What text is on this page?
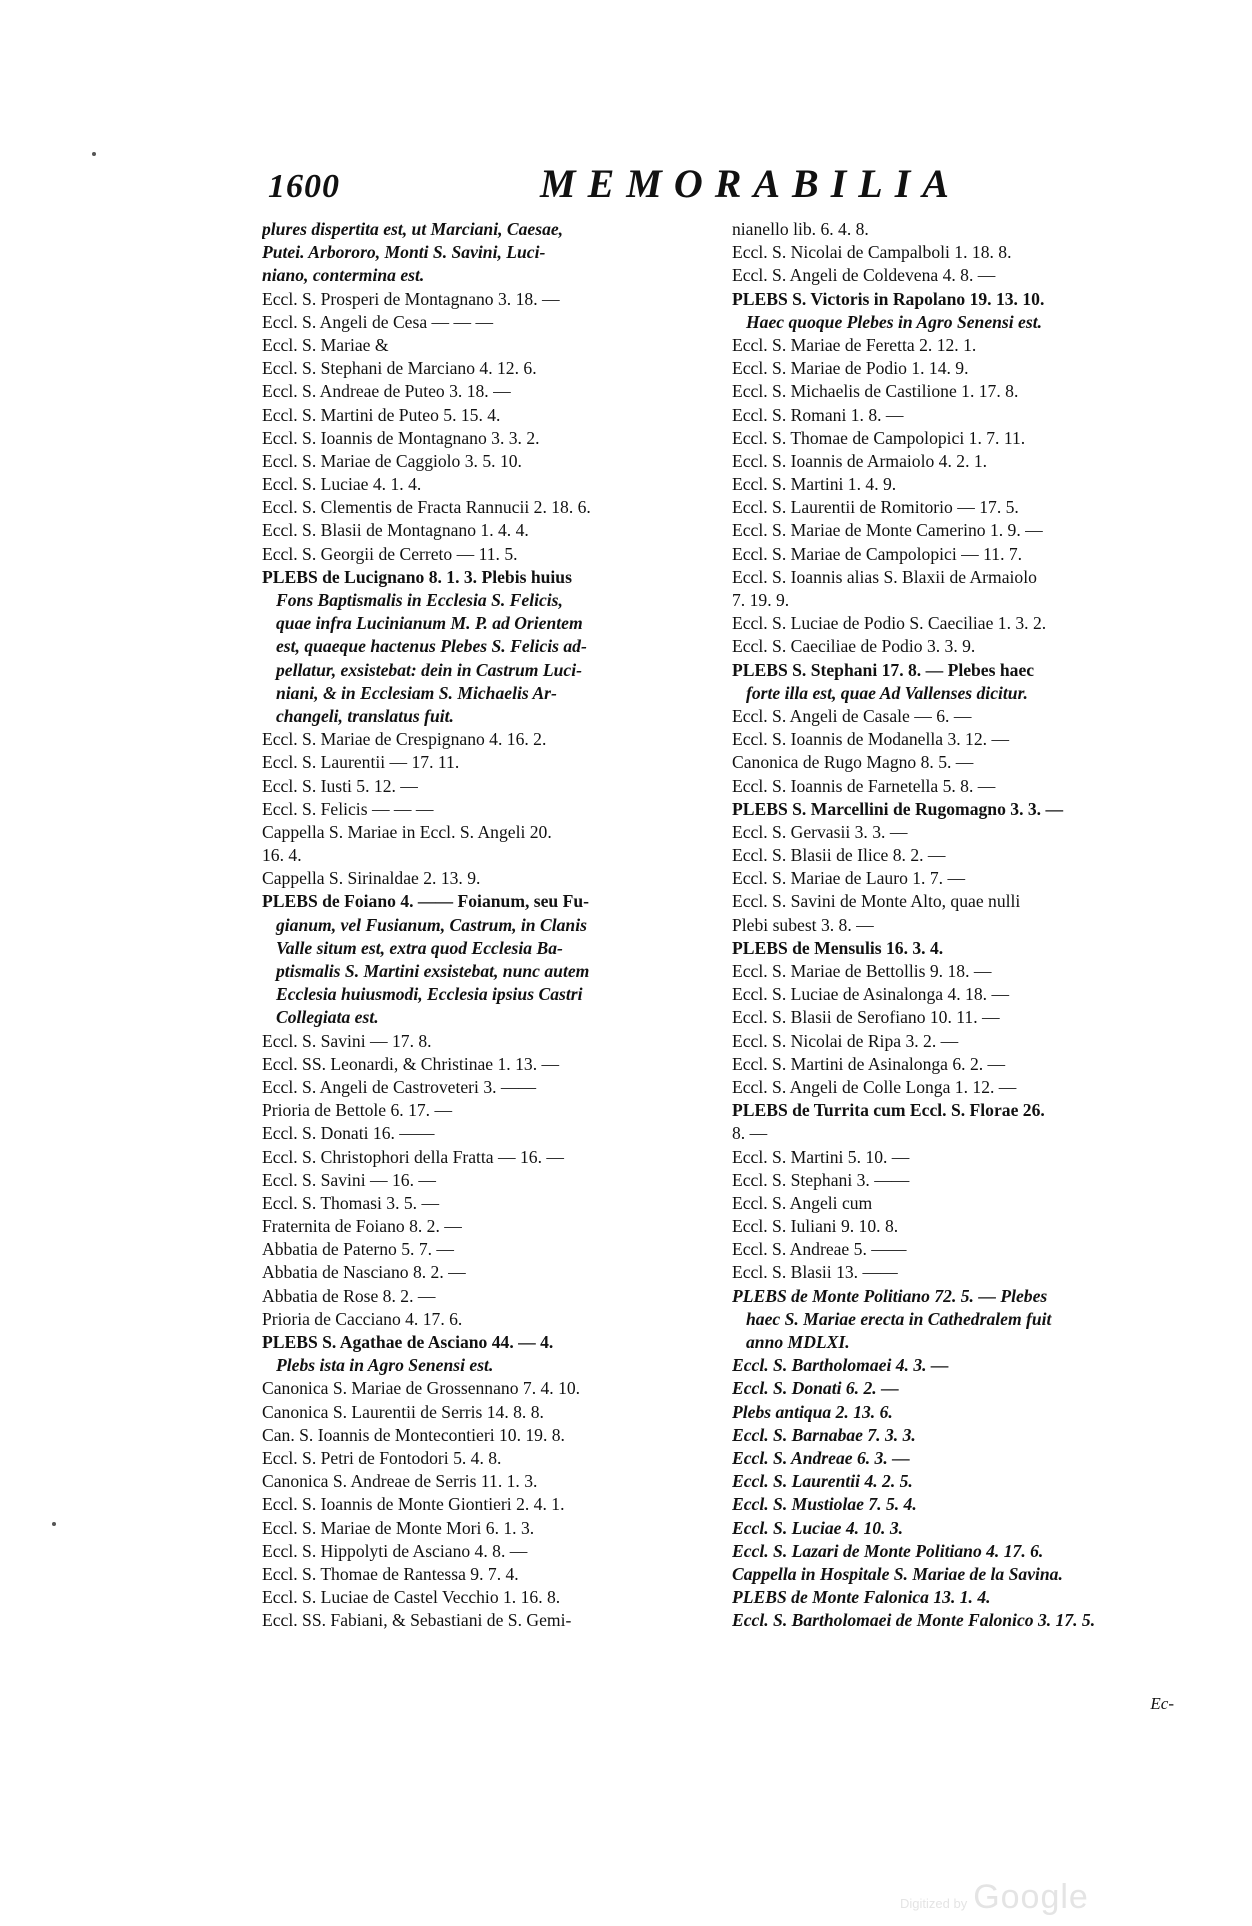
1600	MEMORABILIA
plures dispertita est, ut Marciani, Caesae,
Putei. Arbororo, Monti S. Savini, Luci-
niano, contermina est.
Eccl. S. Prosperi de Montagnano 3. 18. —
Eccl. S. Angeli de Cesa — — —
Eccl. S. Mariae &
Eccl. S. Stephani de Marciano 4. 12. 6.
Eccl. S. Andreae de Puteo 3. 18. —
Eccl. S. Martini de Puteo 5. 15. 4.
Eccl. S. Ioannis de Montagnano 3. 3. 2.
Eccl. S. Mariae de Caggiolo 3. 5. 10.
Eccl. S. Luciae 4. 1. 4.
Eccl. S. Clementis de Fracta Rannucii 2. 18. 6.
Eccl. S. Blasii de Montagnano 1. 4. 4.
Eccl. S. Georgii de Cerreto — 11. 5.
PLEBS de Lucignano 8. 1. 3. Plebis huius
Fons Baptismalis in Ecclesia S. Felicis,
quae infra Lucinianum M. P. ad Orientem
est, quaeque hactenus Plebes S. Felicis ad-
pellatur, exsistebat: dein in Castrum Luci-
niani, & in Ecclesiam S. Michaelis Ar-
changeli, translatus fuit.
Eccl. S. Mariae de Crespignano 4. 16. 2.
Eccl. S. Laurentii — 17. 11.
Eccl. S. Iusti 5. 12. —
Eccl. S. Felicis — — —
Cappella S. Mariae in Eccl. S. Angeli 20.
16. 4.
Cappella S. Sirinaldae 2. 13. 9.
PLEBS de Foiano 4. —— Foianum, seu Fu-
gianum, vel Fusianum, Castrum, in Clanis
Valle situm est, extra quod Ecclesia Ba-
ptismalis S. Martini exsistebat, nunc autem
Ecclesia huiusmodi, Ecclesia ipsius Castri
Collegiata est.
Eccl. S. Savini — 17. 8.
Eccl. SS. Leonardi, & Christinae 1. 13. —
Eccl. S. Angeli de Castroveteri 3. ——
Prioria de Bettole 6. 17. —
Eccl. S. Donati 16. ——
Eccl. S. Christophori della Fratta — 16. —
Eccl. S. Savini — 16. —
Eccl. S. Thomasi 3. 5. —
Fraternita de Foiano 8. 2. —
Abbatia de Paterno 5. 7. —
Abbatia de Nasciano 8. 2. —
Abbatia de Rose 8. 2. —
Prioria de Cacciano 4. 17. 6.
PLEBS S. Agathae de Asciano 44. — 4.
Plebs ista in Agro Senensi est.
Canonica S. Mariae de Grossennano 7. 4. 10.
Canonica S. Laurentii de Serris 14. 8. 8.
Can. S. Ioannis de Montecontieri 10. 19. 8.
Eccl. S. Petri de Fontodori 5. 4. 8.
Canonica S. Andreae de Serris 11. 1. 3.
Eccl. S. Ioannis de Monte Giontieri 2. 4. 1.
Eccl. S. Mariae de Monte Mori 6. 1. 3.
Eccl. S. Hippolyti de Asciano 4. 8. —
Eccl. S. Thomae de Rantessa 9. 7. 4.
Eccl. S. Luciae de Castel Vecchio 1. 16. 8.
Eccl. SS. Fabiani, & Sebastiani de S. Gemi-
nianello lib. 6. 4. 8.
Eccl. S. Nicolai de Campalboli 1. 18. 8.
Eccl. S. Angeli de Coldevena 4. 8. —
PLEBS S. Victoris in Rapolano 19. 13. 10.
Haec quoque Plebes in Agro Senensi est.
Eccl. S. Mariae de Feretta 2. 12. 1.
Eccl. S. Mariae de Podio 1. 14. 9.
Eccl. S. Michaelis de Castilione 1. 17. 8.
Eccl. S. Romani 1. 8. —
Eccl. S. Thomae de Campolopici 1. 7. 11.
Eccl. S. Ioannis de Armaiolo 4. 2. 1.
Eccl. S. Martini 1. 4. 9.
Eccl. S. Laurentii de Romitorio — 17. 5.
Eccl. S. Mariae de Monte Camerino 1. 9. —
Eccl. S. Mariae de Campolopici — 11. 7.
Eccl. S. Ioannis alias S. Blaxii de Armaiolo
7. 19. 9.
Eccl. S. Luciae de Podio S. Caeciliae 1. 3. 2.
Eccl. S. Caeciliae de Podio 3. 3. 9.
PLEBS S. Stephani 17. 8. — Plebes haec
forte illa est, quae Ad Vallenses dicitur.
Eccl. S. Angeli de Casale — 6. —
Eccl. S. Ioannis de Modanella 3. 12. —
Canonica de Rugo Magno 8. 5. —
Eccl. S. Ioannis de Farnetella 5. 8. —
PLEBS S. Marcellini de Rugomagno 3. 3. —
Eccl. S. Gervasii 3. 3. —
Eccl. S. Blasii de Ilice 8. 2. —
Eccl. S. Mariae de Lauro 1. 7. —
Eccl. S. Savini de Monte Alto, quae nulli
Plebi subest 3. 8. —
PLEBS de Mensulis 16. 3. 4.
Eccl. S. Mariae de Bettollis 9. 18. —
Eccl. S. Luciae de Asinalonga 4. 18. —
Eccl. S. Blasii de Serofiano 10. 11. —
Eccl. S. Nicolai de Ripa 3. 2. —
Eccl. S. Martini de Asinalonga 6. 2. —
Eccl. S. Angeli de Colle Longa 1. 12. —
PLEBS de Turrita cum Eccl. S. Florae 26.
8. —
Eccl. S. Martini 5. 10. —
Eccl. S. Stephani 3. ——
Eccl. S. Angeli cum
Eccl. S. Iuliani 9. 10. 8.
Eccl. S. Andreae 5. ——
Eccl. S. Blasii 13. ——
PLEBS de Monte Politiano 72. 5. — Plebes
haec S. Mariae erecta in Cathedralem fuit
anno MDLXI.
Eccl. S. Bartholomaei 4. 3. —
Eccl. S. Donati 6. 2. —
Plebs antiqua 2. 13. 6.
Eccl. S. Barnabae 7. 3. 3.
Eccl. S. Andreae 6. 3. —
Eccl. S. Laurentii 4. 2. 5.
Eccl. S. Mustiolae 7. 5. 4.
Eccl. S. Luciae 4. 10. 3.
Eccl. S. Lazari de Monte Politiano 4. 17. 6.
Cappella in Hospitale S. Mariae de la Savina.
PLEBS de Monte Falonica 13. 1. 4.
Eccl. S. Bartholomaei de Monte Falonico 3. 17. 5.
Ec-
Digitized by Google
